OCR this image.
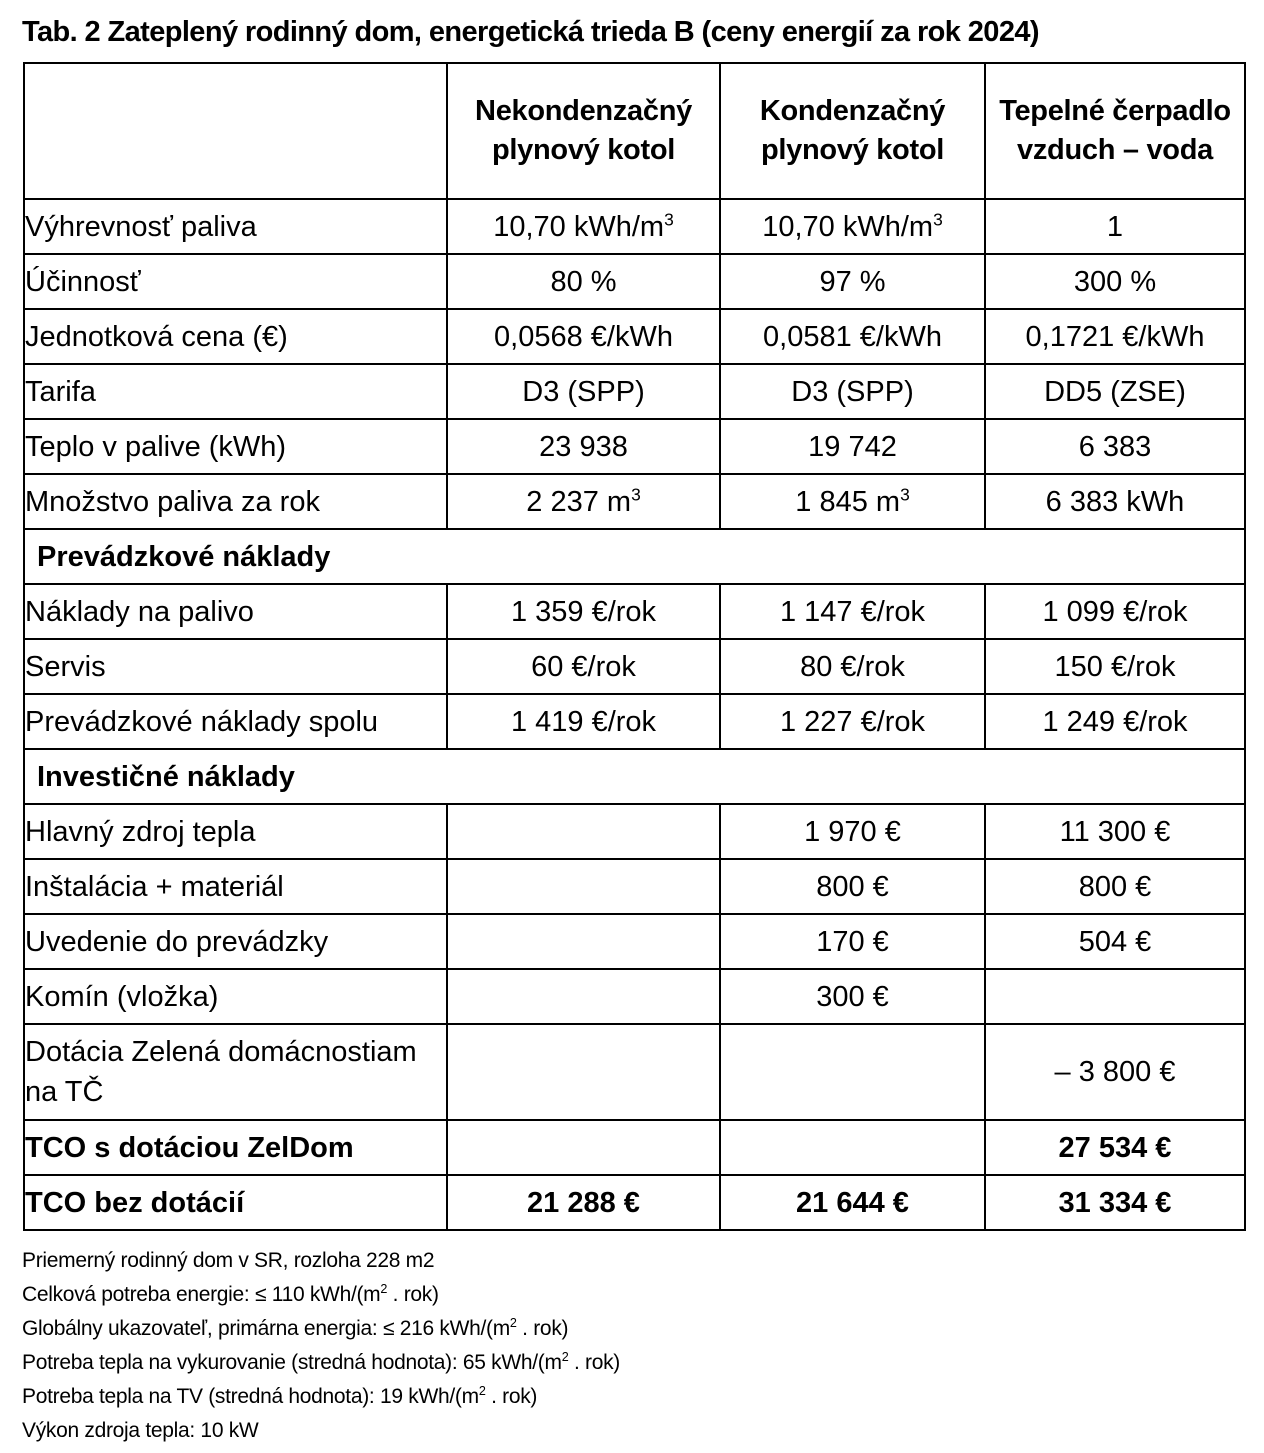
Tab. 2 Zateplený rodinný dom, energetická trieda B (ceny energií za rok 2024)
	Nekondenzačný plynový kotol	Kondenzačný plynový kotol	Tepelné čerpadlo vzduch – voda
Výhrevnosť paliva	10,70 kWh/$m^3$	10,70 kWh/$m^3$	1
Účinnosť	80 %	97 %	300 %
Jednotková cena (€)	0,0568 €/kWh	0,0581 €/kWh	0,1721 €/kWh
Tarifa	D3 (SPP)	D3 (SPP)	DD5 (ZSE)
Teplo v palive (kWh)	23 938	19 742	6 383
Množstvo paliva za rok	2 237 $m^3$	1 845 $m^3$	6 383 kWh
Prevádzkové náklady			
Náklady na palivo	1 359 €/rok	1 147 €/rok	1 099 €/rok
Servis	60 €/rok	80 €/rok	150 €/rok
Prevádzkové náklady spolu	1 419 €/rok	1 227 €/rok	1 249 €/rok
Investičné náklady			
Hlavný zdroj tepla		1 970 €	11 300 €
Inštalácia + materiál		800 €	800 €
Uvedenie do prevádzky		170 €	504 €
Komín (vložka)		300 €	
Dotácia Zelená domácnostiam na TČ			– 3 800 €
TCO s dotáciou ZelDom			27 534 €
TCO bez dotácií	21 288 €	21 644 €	31 334 €
Priemerný rodinný dom v SR, rozloha 228 m2
Celková potreba energie: ≤ 110 kWh/($m^2$ . rok)
Globálny ukazovateľ, primárna energia: ≤ 216 kWh/($m^2$ . rok)
Potreba tepla na vykurovanie (stredná hodnota): 65 kWh/($m^2$ . rok)
Potreba tepla na TV (stredná hodnota): 19 kWh/($m^2$ . rok)
Výkon zdroja tepla: 10 kW
